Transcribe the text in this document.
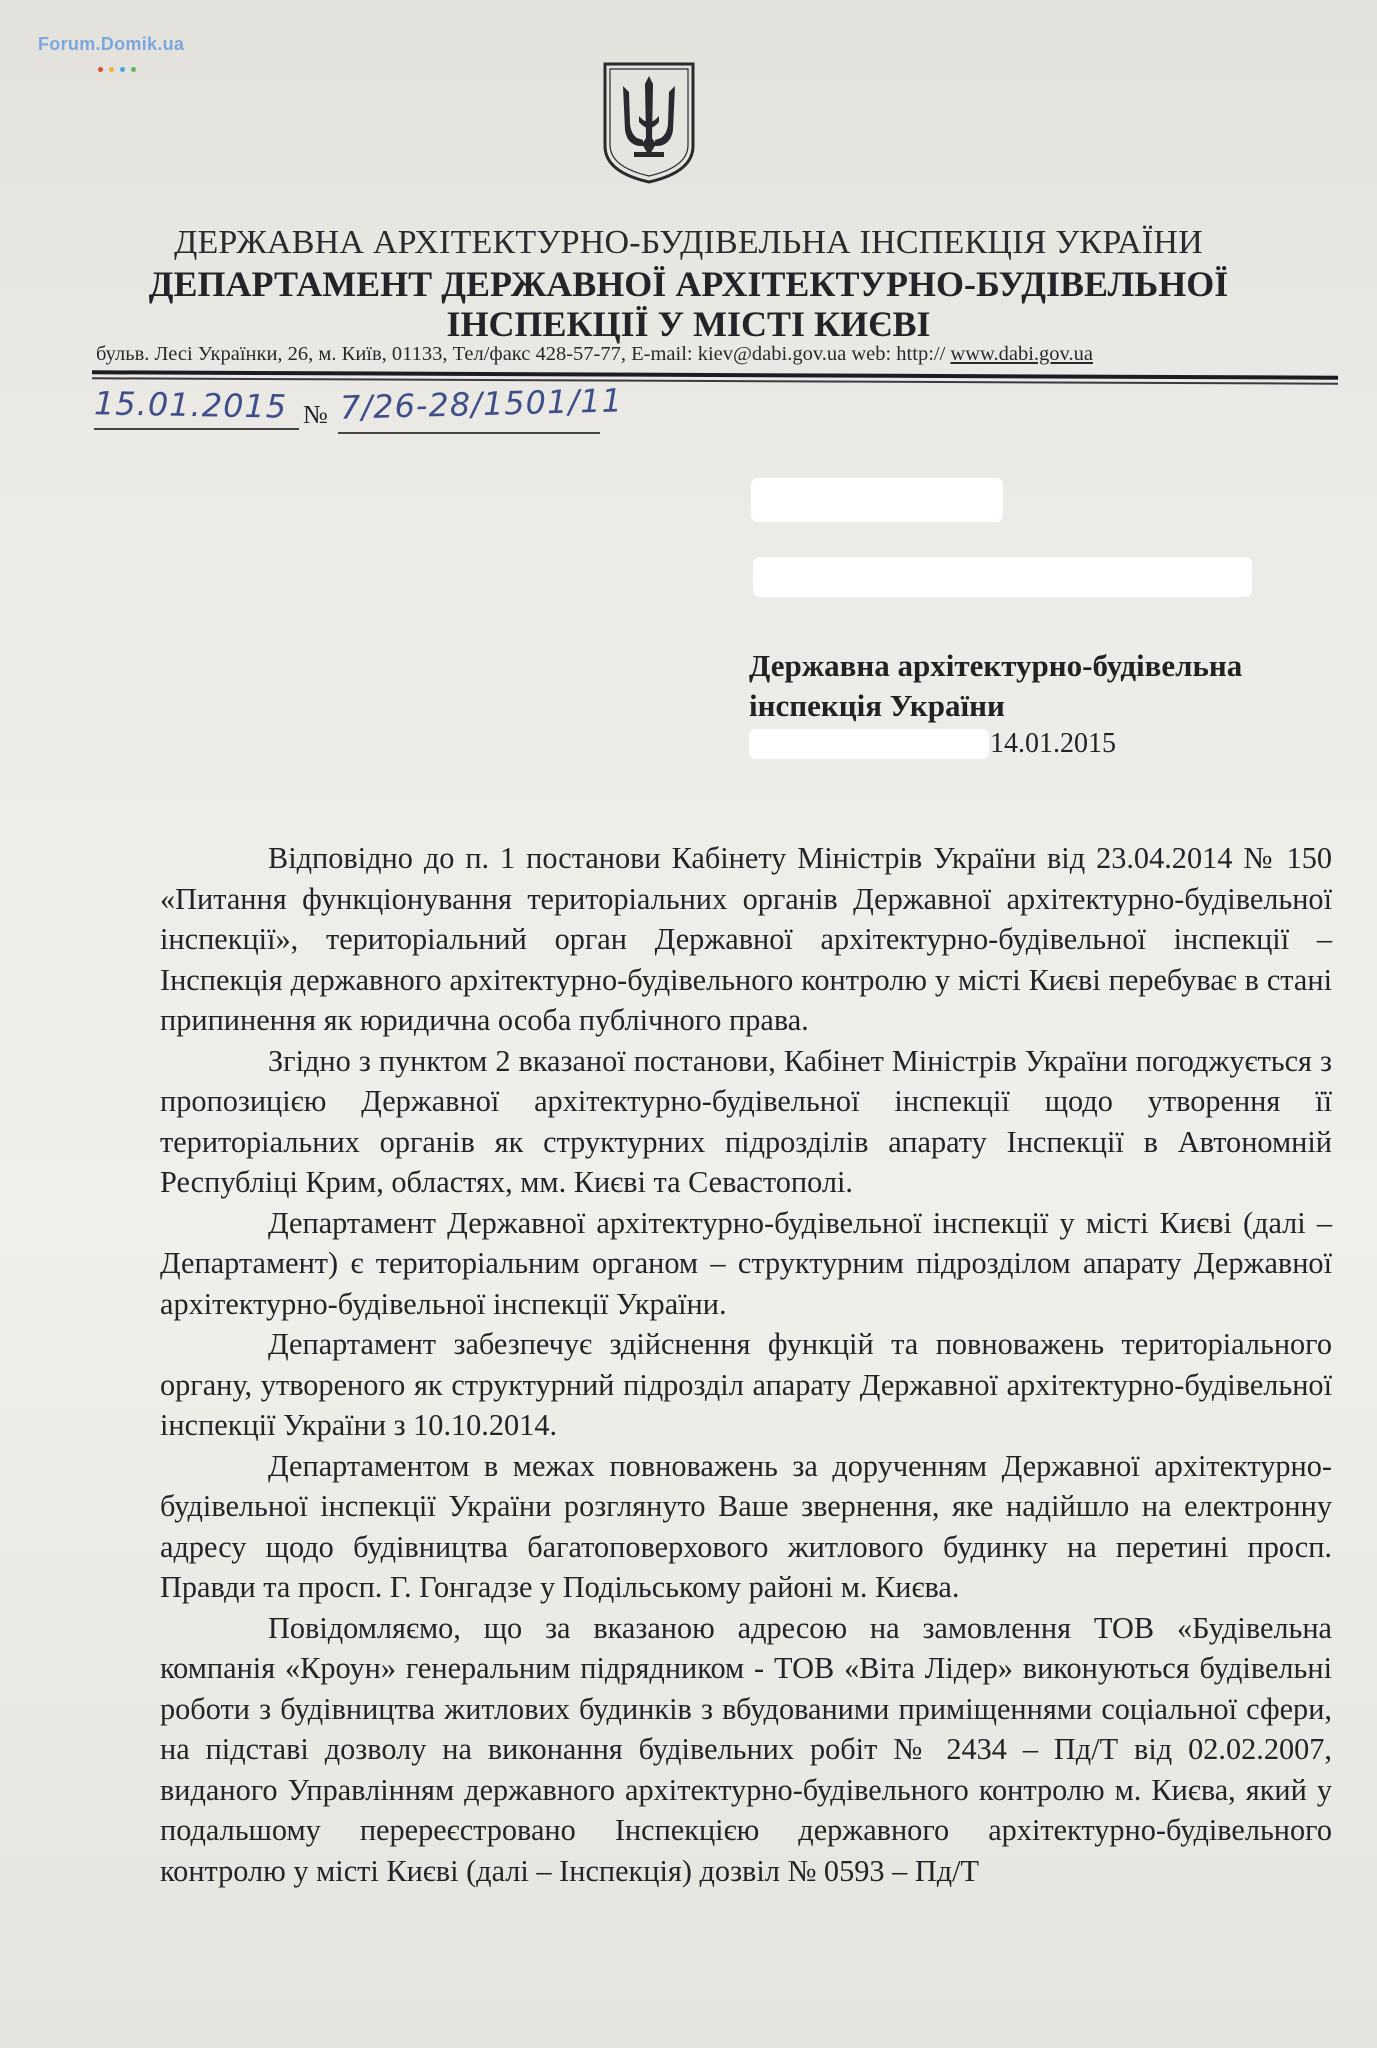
Forum.Domik.ua
ДЕРЖАВНА АРХІТЕКТУРНО-БУДІВЕЛЬНА ІНСПЕКЦІЯ УКРАЇНИ
ДЕПАРТАМЕНТ ДЕРЖАВНОЇ АРХІТЕКТУРНО-БУДІВЕЛЬНОЇ
ІНСПЕКЦІЇ У МІСТІ КИЄВІ
бульв. Лесі Українки, 26, м. Київ, 01133, Тел/факс 428-57-77, E-mail: kiev@dabi.gov.ua web: http:// www.dabi.gov.ua
15.01.2015 № 7/26-28/1501/11
Державна архітектурно-будівельна
інспекція України
14.01.2015

Відповідно до п. 1 постанови Кабінету Міністрів України від 23.04.2014 № 150 «Питання функціонування територіальних органів Державної архітектурно-будівельної інспекції», територіальний орган Державної архітектурно-будівельної інспекції – Інспекція державного архітектурно-будівельного контролю у місті Києві перебуває в стані припинення як юридична особа публічного права.

Згідно з пунктом 2 вказаної постанови, Кабінет Міністрів України погоджується з пропозицією Державної архітектурно-будівельної інспекції щодо утворення її територіальних органів як структурних підрозділів апарату Інспекції в Автономній Республіці Крим, областях, мм. Києві та Севастополі.

Департамент Державної архітектурно-будівельної інспекції у місті Києві (далі – Департамент) є територіальним органом – структурним підрозділом апарату Державної архітектурно-будівельної інспекції України.

Департамент забезпечує здійснення функцій та повноважень територіального органу, утвореного як структурний підрозділ апарату Державної архітектурно-будівельної інспекції України з 10.10.2014.

Департаментом в межах повноважень за дорученням Державної архітектурно-будівельної інспекції України розглянуто Ваше звернення, яке надійшло на електронну адресу щодо будівництва багатоповерхового житлового будинку на перетині просп. Правди та просп. Г. Гонгадзе у Подільському районі м. Києва.

Повідомляємо, що за вказаною адресою на замовлення ТОВ «Будівельна компанія «Кроун» генеральним підрядником - ТОВ «Віта Лідер» виконуються будівельні роботи з будівництва житлових будинків з вбудованими приміщеннями соціальної сфери, на підставі дозволу на виконання будівельних робіт № 2434 – Пд/Т від 02.02.2007, виданого Управлінням державного архітектурно-будівельного контролю м. Києва, який у подальшому перереєстровано Інспекцією державного архітектурно-будівельного контролю у місті Києві (далі – Інспекція) дозвіл № 0593 – Пд/Т
